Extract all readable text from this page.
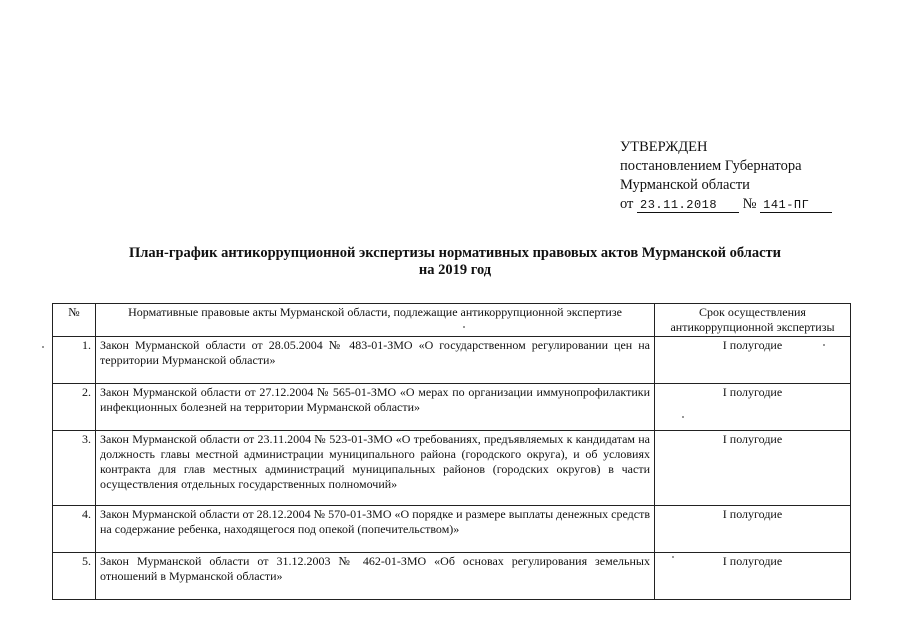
УТВЕРЖДЕН
постановлением Губернатора
Мурманской области
от 23.11.2018 № 141-ПГ
План-график антикоррупционной экспертизы нормативных правовых актов Мурманской области
на 2019 год
№	Нормативные правовые акты Мурманской области, подлежащие антикоррупционной экспертизе	Срок осуществления антикоррупционной экспертизы
1.	Закон Мурманской области от 28.05.2004 № 483-01-ЗМО «О государственном регулировании цен на территории Мурманской области»	I полугодие
2.	Закон Мурманской области от 27.12.2004 № 565-01-ЗМО «О мерах по организации иммунопрофилактики инфекционных болезней на территории Мурманской области»	I полугодие
3.	Закон Мурманской области от 23.11.2004 № 523-01-ЗМО «О требованиях, предъявляемых к кандидатам на должность главы местной администрации муниципального района (городского округа), и об условиях контракта для глав местных администраций муниципальных районов (городских округов) в части осуществления отдельных государственных полномочий»	I полугодие
4.	Закон Мурманской области от 28.12.2004 № 570-01-ЗМО «О порядке и размере выплаты денежных средств на содержание ребенка, находящегося под опекой (попечительством)»	I полугодие
5.	Закон Мурманской области от 31.12.2003 № 462-01-ЗМО «Об основах регулирования земельных отношений в Мурманской области»	I полугодие
